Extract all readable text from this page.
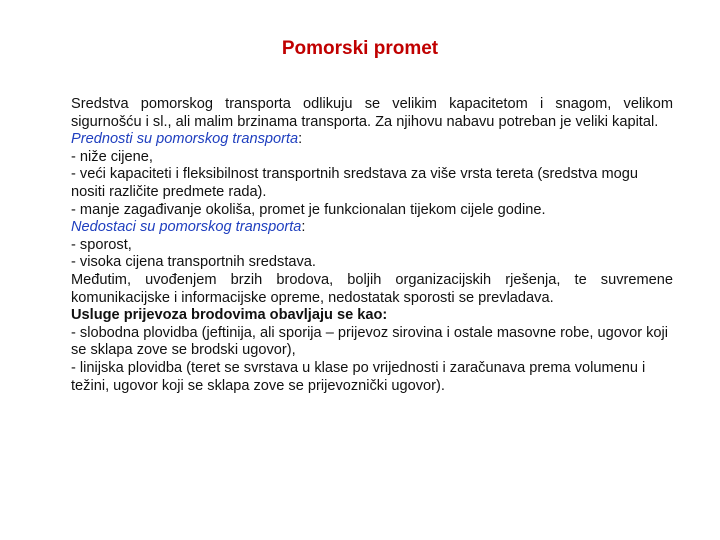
Pomorski promet

Sredstva pomorskog transporta odlikuju se velikim kapacitetom i snagom, velikom sigurnošću i sl., ali malim brzinama transporta. Za njihovu nabavu potreban je veliki kapital.

Prednosti su pomorskog transporta:

- niže cijene,

- veći kapaciteti i fleksibilnost transportnih sredstava za više vrsta tereta (sredstva mogu nositi različite predmete rada).

- manje zagađivanje okoliša, promet je funkcionalan tijekom cijele godine.

Nedostaci su pomorskog transporta:

- sporost,

- visoka cijena transportnih sredstava.

Međutim, uvođenjem brzih brodova, boljih organizacijskih rješenja, te suvremene komunikacijske i informacijske opreme, nedostatak sporosti se prevladava.

Usluge prijevoza brodovima obavljaju se kao:

- slobodna plovidba (jeftinija, ali sporija – prijevoz sirovina i ostale masovne robe, ugovor koji se sklapa zove se brodski ugovor),

- linijska plovidba (teret se svrstava u klase po vrijednosti i zaračunava prema volumenu i težini, ugovor koji se sklapa zove se prijevoznički ugovor).
